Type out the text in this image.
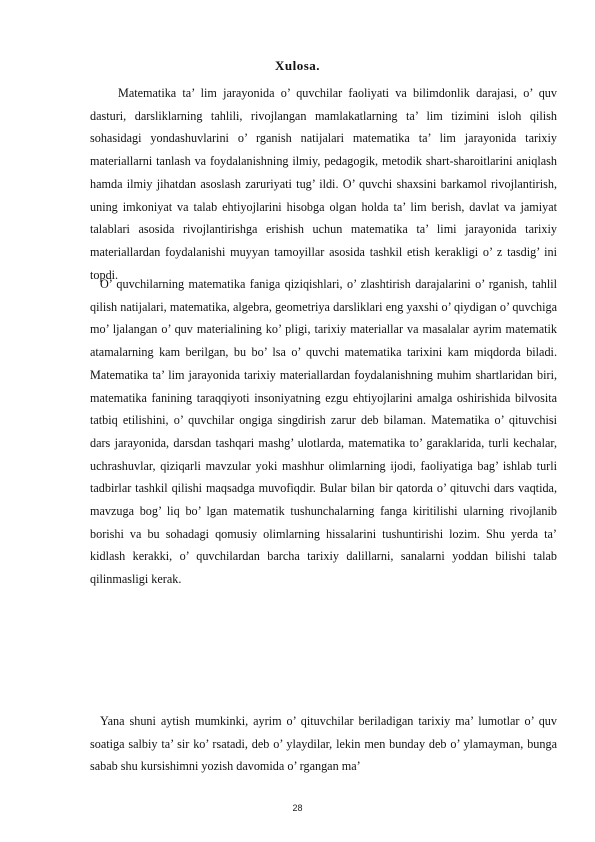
Xulosa.
Matematika ta’ lim jarayonida o’ quvchilar faoliyati va bilimdonlik darajasi, o’ quv dasturi, darsliklarning tahlili, rivojlangan mamlakatlarning ta’ lim tizimini isloh qilish sohasidagi yondashuvlarini o’ rganish natijalari matematika ta’ lim jarayonida tarixiy materiallarni tanlash va foydalanishning ilmiy, pedagogik, metodik shart-sharoitlarini aniqlash hamda ilmiy jihatdan asoslash zaruriyati tug’ ildi. O’ quvchi shaxsini barkamol rivojlantirish, uning imkoniyat va talab ehtiyojlarini hisobga olgan holda ta’ lim berish, davlat va jamiyat talablari asosida rivojlantirishga erishish uchun matematika ta’ limi jarayonida tarixiy materiallardan foydalanishi muyyan tamoyillar asosida tashkil etish kerakligi o’ z tasdig’ ini topdi.
O’ quvchilarning matematika faniga qiziqishlari, o’ zlashtirish darajalarini o’ rganish, tahlil qilish natijalari, matematika, algebra, geometriya darsliklari eng yaxshi o’ qiydigan o’ quvchiga mo’ ljalangan o’ quv materialining ko’ pligi, tarixiy materiallar va masalalar ayrim matematik atamalarning kam berilgan, bu bo’ lsa o’ quvchi matematika tarixini kam miqdorda biladi. Matematika ta’ lim jarayonida tarixiy materiallardan foydalanishning muhim shartlaridan biri, matematika fanining taraqqiyoti insoniyatning ezgu ehtiyojlarini amalga oshirishida bilvosita tatbiq etilishini, o’ quvchilar ongiga singdirish zarur deb bilaman. Matematika o’ qituvchisi dars jarayonida, darsdan tashqari mashg’ ulotlarda, matematika to’ garaklarida, turli kechalar, uchrashuvlar, qiziqarli mavzular yoki mashhur olimlarning ijodi, faoliyatiga bag’ ishlab turli tadbirlar tashkil qilishi maqsadga muvofiqdir. Bular bilan bir qatorda o’ qituvchi dars vaqtida, mavzuga bog’ liq bo’ lgan matematik tushunchalarning fanga kiritilishi ularning rivojlanib borishi va bu sohadagi qomusiy olimlarning hissalarini tushuntirishi lozim. Shu yerda ta’ kidlash kerakki, o’ quvchilardan barcha tarixiy dalillarni, sanalarni yoddan bilishi talab qilinmasligi kerak.
Yana shuni aytish mumkinki, ayrim o’ qituvchilar beriladigan tarixiy ma’ lumotlar o’ quv soatiga salbiy ta’ sir ko’ rsatadi, deb o’ ylaydilar, lekin men bunday deb o’ ylamayman, bunga sabab shu kursishimni yozish davomida o’ rgangan ma’
28
